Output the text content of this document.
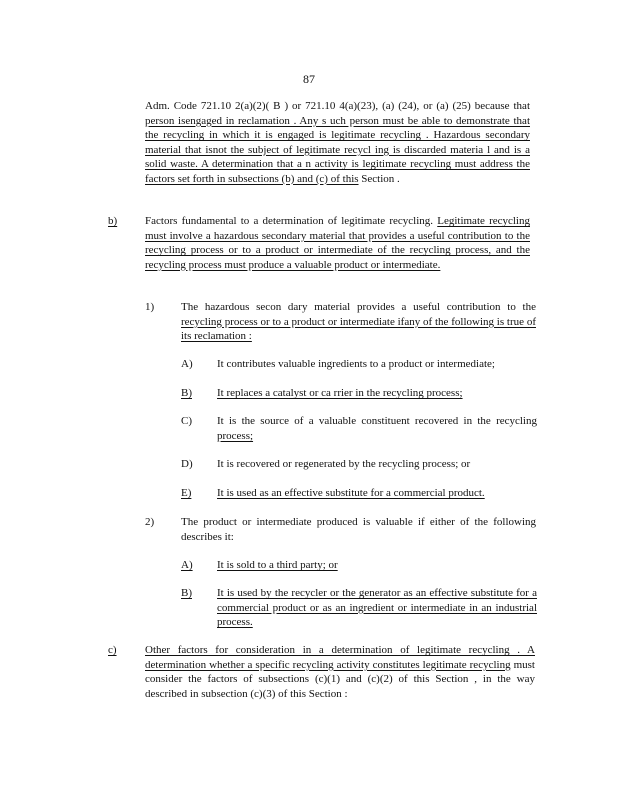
87

Adm. Code 721.10 2(a)(2)( B ) or 721.10 4(a)(23), (a) (24), or (a) (25) because that person isengaged in reclamation . Any s uch person must be able to demonstrate that the recycling in which it is engaged is legitimate recycling . Hazardous secondary material that isnot the subject of legitimate recycl ing is discarded materia l and is a solid waste. A determination that a n activity is legitimate recycling must address the factors set forth in subsections (b) and (c) of this Section .

b)	Factors fundamental to a determination of legitimate recycling. Legitimate recycling must involve a hazardous secondary material that provides a useful contribution to the recycling process or to a product or intermediate of the recycling process, and the recycling process must produce a valuable product or intermediate.

1) The hazardous secon dary material provides a useful contribution to the recycling process or to a product or intermediate ifany of the following is true of its reclamation :

A) It contributes valuable ingredients to a product or intermediate;
B) It replaces a catalyst or ca rrier in the recycling process;
C) It is the source of a valuable constituent recovered in the recycling process;

D) It is recovered or regenerated by the recycling process; or
E) It is used as an effective substitute for a commercial product.
2) The product or intermediate produced is valuable if either of the following describes it:
A) It is sold to a third party; or
B) It is used by the recycler or the generator as an effective substitute for a commercial product or as an ingredient or intermediate in an industrial process.
c)	Other factors for consideration in a determination of legitimate recycling . A determination whether a specific recycling activity constitutes legitimate recycling must consider the factors of subsections (c)(1) and (c)(2) of this Section , in the way described in subsection (c)(3) of this Section :
